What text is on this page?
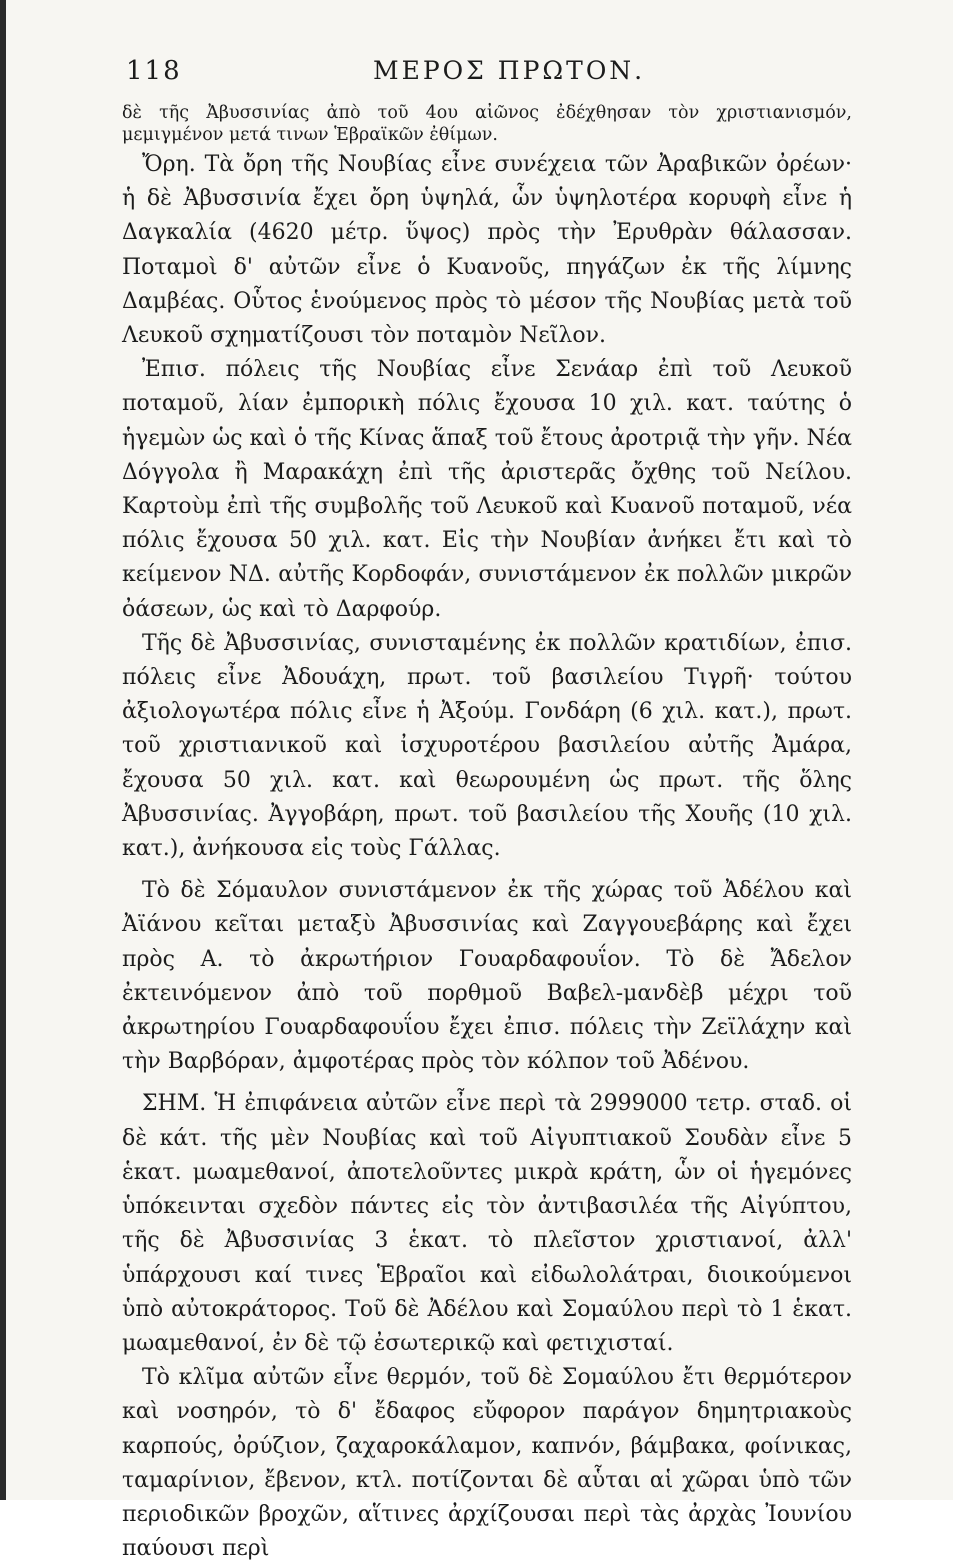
118	ΜΕΡΟΣ ΠΡΩΤΟΝ.

δὲ τῆς Ἀβυσσινίας ἀπὸ τοῦ 4ου αἰῶνος ἐδέχθησαν τὸν χριστιανισμόν, μεμιγμένον μετά τινων Ἑβραϊκῶν ἐθίμων.

Ὄρη. Τὰ ὄρη τῆς Νουβίας εἶνε συνέχεια τῶν Ἀραβικῶν ὀρέων· ἡ δὲ Ἀβυσσινία ἔχει ὄρη ὑψηλά, ὧν ὑψηλοτέρα κορυφὴ εἶνε ἡ Δαγκαλία (4620 μέτρ. ὕψος) πρὸς τὴν Ἐρυθρὰν θάλασσαν. Ποταμοὶ δ' αὐτῶν εἶνε ὁ Κυανοῦς, πηγάζων ἐκ τῆς λίμνης Δαμβέας. Οὗτος ἑνούμενος πρὸς τὸ μέσον τῆς Νουβίας μετὰ τοῦ Λευκοῦ σχηματίζουσι τὸν ποταμὸν Νεῖλον.

Ἐπισ. πόλεις τῆς Νουβίας εἶνε Σενάαρ ἐπὶ τοῦ Λευκοῦ ποταμοῦ, λίαν ἐμπορικὴ πόλις ἔχουσα 10 χιλ. κατ. ταύτης ὁ ἡγεμὼν ὡς καὶ ὁ τῆς Κίνας ἅπαξ τοῦ ἔτους ἀροτριᾷ τὴν γῆν. Νέα Δόγγολα ἢ Μαρακάχη ἐπὶ τῆς ἀριστερᾶς ὄχθης τοῦ Νείλου. Καρτοὺμ ἐπὶ τῆς συμβολῆς τοῦ Λευκοῦ καὶ Κυανοῦ ποταμοῦ, νέα πόλις ἔχουσα 50 χιλ. κατ. Εἰς τὴν Νουβίαν ἀνήκει ἔτι καὶ τὸ κείμενον ΝΔ. αὐτῆς Κορδοφάν, συνιστάμενον ἐκ πολλῶν μικρῶν ὀάσεων, ὡς καὶ τὸ Δαρφούρ.

Τῆς δὲ Ἀβυσσινίας, συνισταμένης ἐκ πολλῶν κρατιδίων, ἐπισ. πόλεις εἶνε Ἀδουάχη, πρωτ. τοῦ βασιλείου Τιγρῆ· τούτου ἀξιολογωτέρα πόλις εἶνε ἡ Ἀξούμ. Γονδάρη (6 χιλ. κατ.), πρωτ. τοῦ χριστιανικοῦ καὶ ἰσχυροτέρου βασιλείου αὐτῆς Ἀμάρα, ἔχουσα 50 χιλ. κατ. καὶ θεωρουμένη ὡς πρωτ. τῆς ὅλης Ἀβυσσινίας. Ἀγγοβάρη, πρωτ. τοῦ βασιλείου τῆς Χουῆς (10 χιλ. κατ.), ἀνήκουσα εἰς τοὺς Γάλλας.

Τὸ δὲ Σόμαυλον συνιστάμενον ἐκ τῆς χώρας τοῦ Ἀδέλου καὶ Ἀϊάνου κεῖται μεταξὺ Ἀβυσσινίας καὶ Ζαγγουεβάρης καὶ ἔχει πρὸς Α. τὸ ἀκρωτήριον Γουαρδαφουΐον. Τὸ δὲ Ἄδελον ἐκτεινόμενον ἀπὸ τοῦ πορθμοῦ Βαβελ-μανδὲβ μέχρι τοῦ ἀκρωτηρίου Γουαρδαφουΐου ἔχει ἐπισ. πόλεις τὴν Ζεϊλάχην καὶ τὴν Βαρβόραν, ἀμφοτέρας πρὸς τὸν κόλπον τοῦ Ἀδένου.

ΣΗΜ. Ἡ ἐπιφάνεια αὐτῶν εἶνε περὶ τὰ 2999000 τετρ. σταδ. οἱ δὲ κάτ. τῆς μὲν Νουβίας καὶ τοῦ Αἰγυπτιακοῦ Σουδὰν εἶνε 5 ἑκατ. μωαμεθανοί, ἀποτελοῦντες μικρὰ κράτη, ὧν οἱ ἡγεμόνες ὑπόκεινται σχεδὸν πάντες εἰς τὸν ἀντιβασιλέα τῆς Αἰγύπτου, τῆς δὲ Ἀβυσσινίας 3 ἑκατ. τὸ πλεῖστον χριστιανοί, ἀλλ' ὑπάρχουσι καί τινες Ἑβραῖοι καὶ εἰδωλολάτραι, διοικούμενοι ὑπὸ αὐτοκράτορος. Τοῦ δὲ Ἀδέλου καὶ Σομαύλου περὶ τὸ 1 ἑκατ. μωαμεθανοί, ἐν δὲ τῷ ἐσωτερικῷ καὶ φετιχισταί.

Τὸ κλῖμα αὐτῶν εἶνε θερμόν, τοῦ δὲ Σομαύλου ἔτι θερμότερον καὶ νοσηρόν, τὸ δ' ἔδαφος εὔφορον παράγον δημητριακοὺς καρπούς, ὀρύζιον, ζαχαροκάλαμον, καπνόν, βάμβακα, φοίνικας, ταμαρίνιον, ἔβενον, κτλ. ποτίζονται δὲ αὗται αἱ χῶραι ὑπὸ τῶν περιοδικῶν βροχῶν, αἵτινες ἀρχίζουσαι περὶ τὰς ἀρχὰς Ἰουνίου παύουσι περὶ
